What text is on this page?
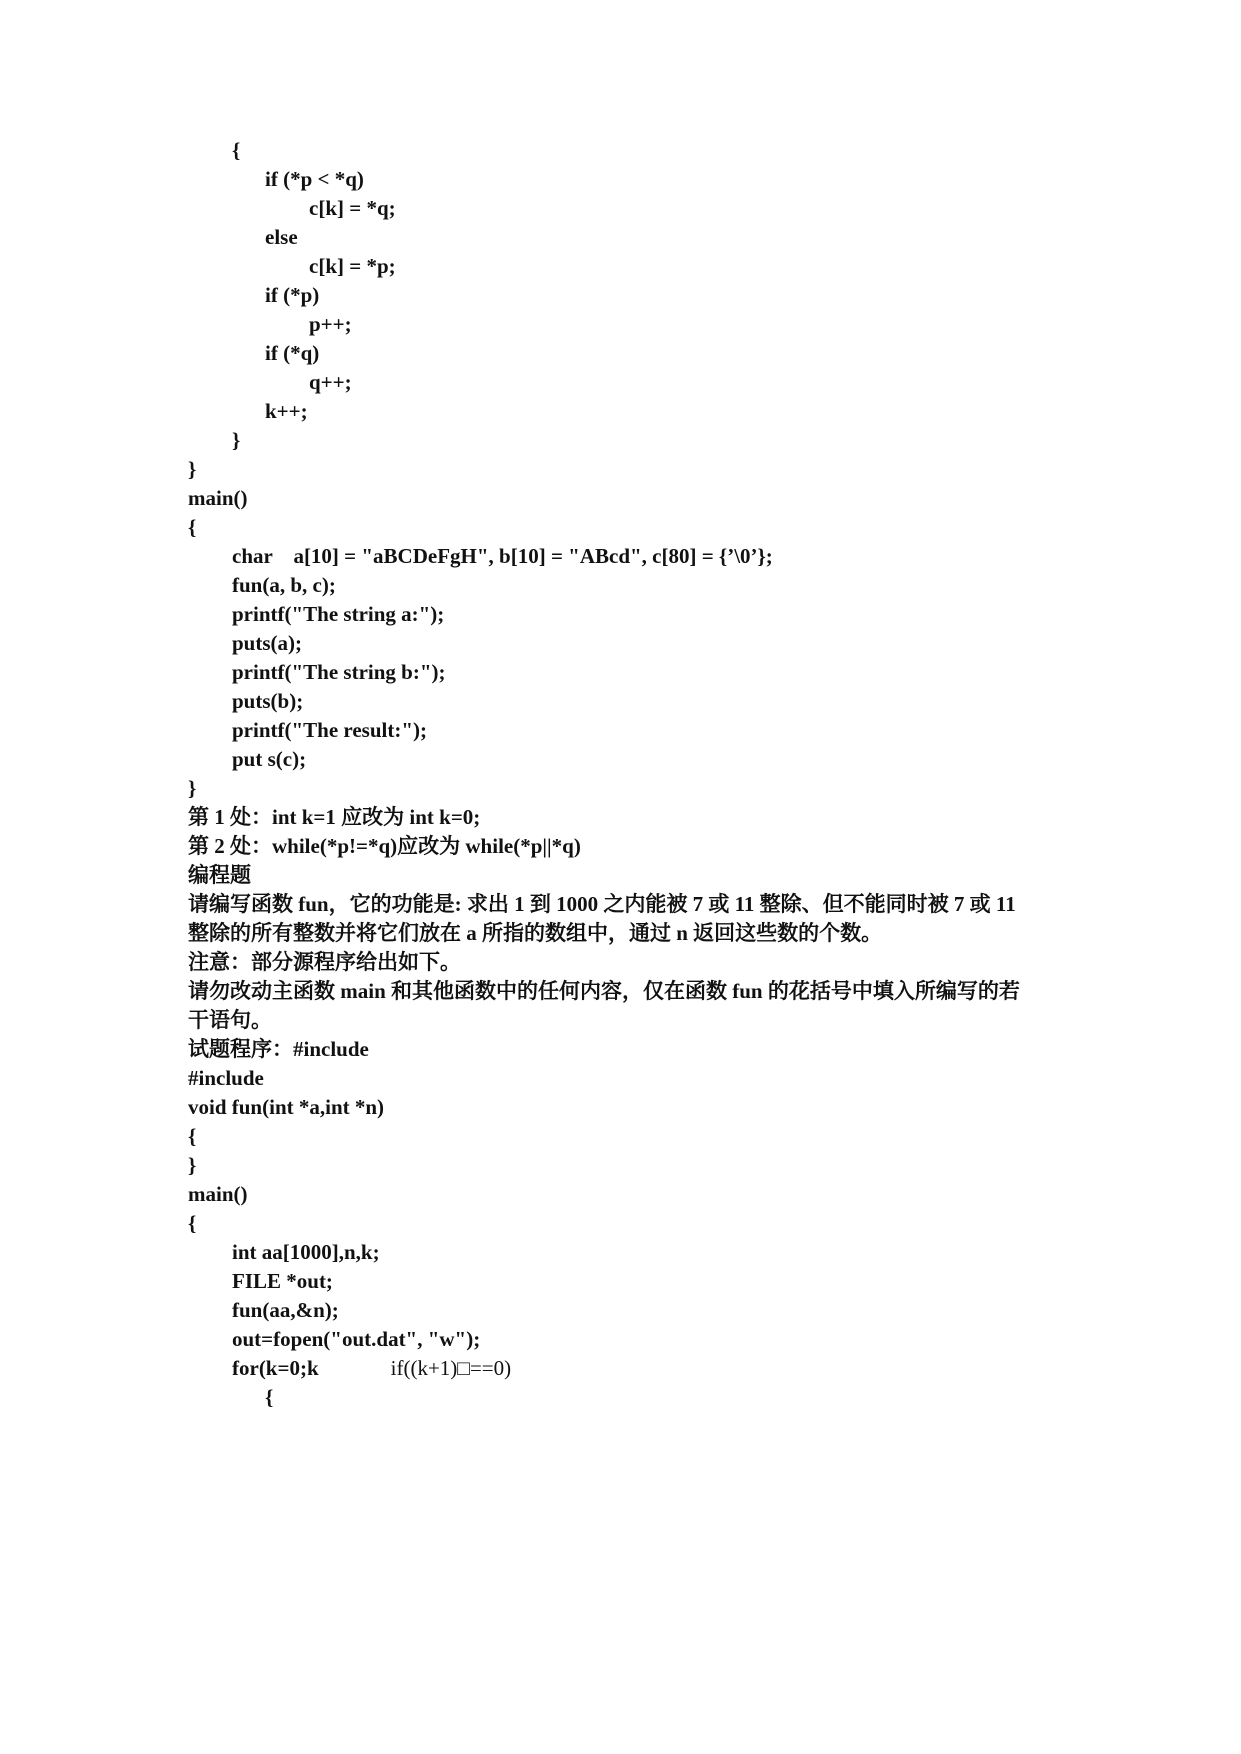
{
if (*p < *q)
c[k] = *q;
else
c[k] = *p;
if (*p)
p++;
if (*q)
q++;
k++;
}
}
main()
{
char    a[10] = "aBCDeFgH", b[10] = "ABcd", c[80] = {’\0’};
fun(a, b, c);
printf("The string a:");
puts(a);
printf("The string b:");
puts(b);
printf("The result:");
put s(c);
}
第 1 处：int k=1 应改为 int k=0;
第 2 处：while(*p!=*q)应改为 while(*p||*q)
编程题
请编写函数 fun，它的功能是: 求出 1 到 1000 之内能被 7 或 11 整除、但不能同时被 7 或 11
整除的所有整数并将它们放在 a 所指的数组中，通过 n 返回这些数的个数。
注意：部分源程序给出如下。
请勿改动主函数 main 和其他函数中的任何内容，仅在函数 fun 的花括号中填入所编写的若
干语句。
试题程序：#include
#include
void fun(int *a,int *n)
{
}
main()
{
int aa[1000],n,k;
FILE *out;
fun(aa,&n);
out=fopen("out.dat", "w");
for(k=0;k	if((k+1)□==0)
{
